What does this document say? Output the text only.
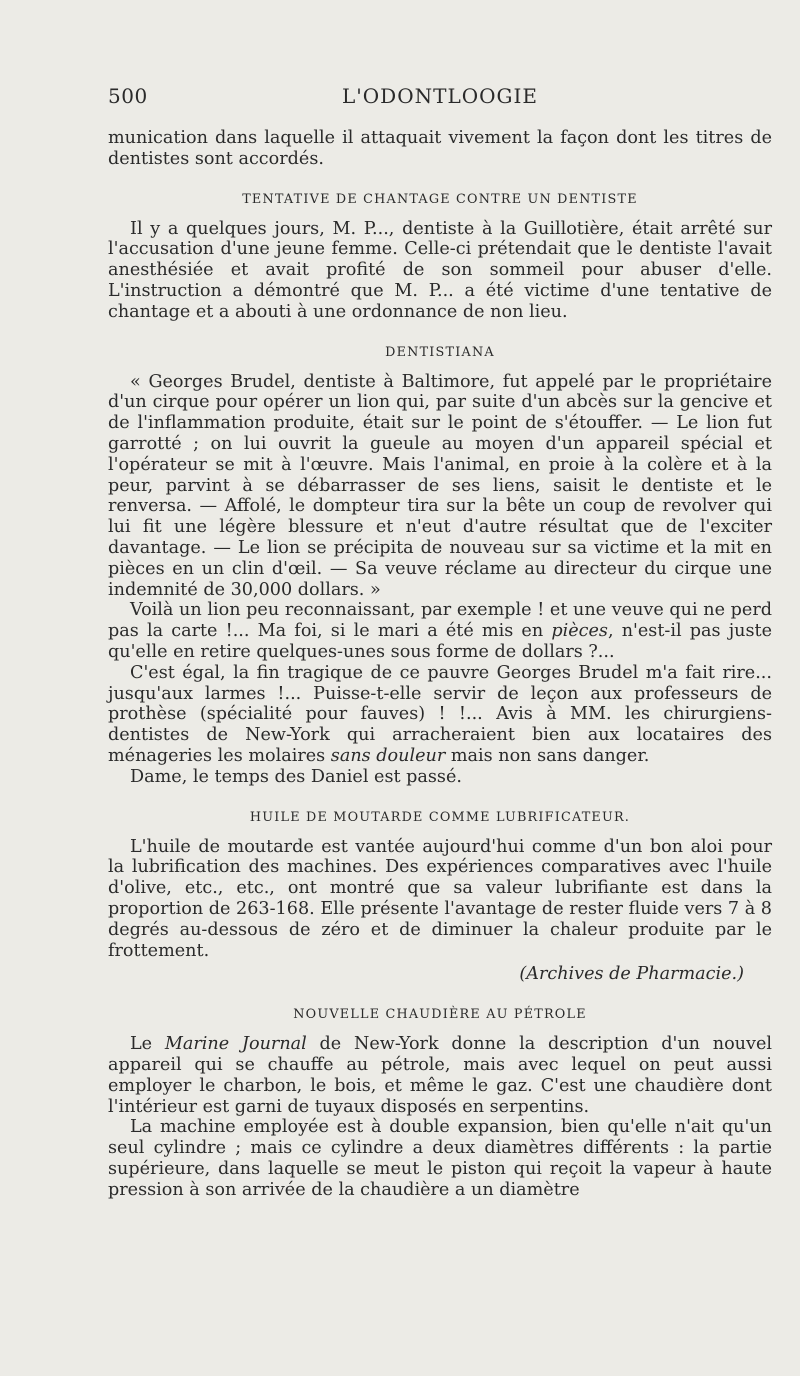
500	L'ODONTLOOGIE

munication dans laquelle il attaquait vivement la façon dont les titres de dentistes sont accordés.

TENTATIVE DE CHANTAGE CONTRE UN DENTISTE

Il y a quelques jours, M. P..., dentiste à la Guillotière, était arrêté sur l'accusation d'une jeune femme. Celle-ci prétendait que le dentiste l'avait anesthésiée et avait profité de son sommeil pour abuser d'elle. L'instruction a démontré que M. P... a été victime d'une tentative de chantage et a abouti à une ordonnance de non lieu.

DENTISTIANA

« Georges Brudel, dentiste à Baltimore, fut appelé par le propriétaire d'un cirque pour opérer un lion qui, par suite d'un abcès sur la gencive et de l'inflammation produite, était sur le point de s'étouffer. — Le lion fut garrotté ; on lui ouvrit la gueule au moyen d'un appareil spécial et l'opérateur se mit à l'œuvre. Mais l'animal, en proie à la colère et à la peur, parvint à se débarrasser de ses liens, saisit le dentiste et le renversa. — Affolé, le dompteur tira sur la bête un coup de revolver qui lui fit une légère blessure et n'eut d'autre résultat que de l'exciter davantage. — Le lion se précipita de nouveau sur sa victime et la mit en pièces en un clin d'œil. — Sa veuve réclame au directeur du cirque une indemnité de 30,000 dollars. »

Voilà un lion peu reconnaissant, par exemple ! et une veuve qui ne perd pas la carte !... Ma foi, si le mari a été mis en pièces, n'est-il pas juste qu'elle en retire quelques-unes sous forme de dollars ?...

C'est égal, la fin tragique de ce pauvre Georges Brudel m'a fait rire... jusqu'aux larmes !... Puisse-t-elle servir de leçon aux professeurs de prothèse (spécialité pour fauves) ! !... Avis à MM. les chirurgiens-dentistes de New-York qui arracheraient bien aux locataires des ménageries les molaires sans douleur mais non sans danger.

Dame, le temps des Daniel est passé.

HUILE DE MOUTARDE COMME LUBRIFICATEUR.

L'huile de moutarde est vantée aujourd'hui comme d'un bon aloi pour la lubrification des machines. Des expériences comparatives avec l'huile d'olive, etc., etc., ont montré que sa valeur lubrifiante est dans la proportion de 263-168. Elle présente l'avantage de rester fluide vers 7 à 8 degrés au-dessous de zéro et de diminuer la chaleur produite par le frottement.

(Archives de Pharmacie.)
NOUVELLE CHAUDIÈRE AU PÉTROLE

Le Marine Journal de New-York donne la description d'un nouvel appareil qui se chauffe au pétrole, mais avec lequel on peut aussi employer le charbon, le bois, et même le gaz. C'est une chaudière dont l'intérieur est garni de tuyaux disposés en serpentins.

La machine employée est à double expansion, bien qu'elle n'ait qu'un seul cylindre ; mais ce cylindre a deux diamètres différents : la partie supérieure, dans laquelle se meut le piston qui reçoit la vapeur à haute pression à son arrivée de la chaudière a un diamètre
